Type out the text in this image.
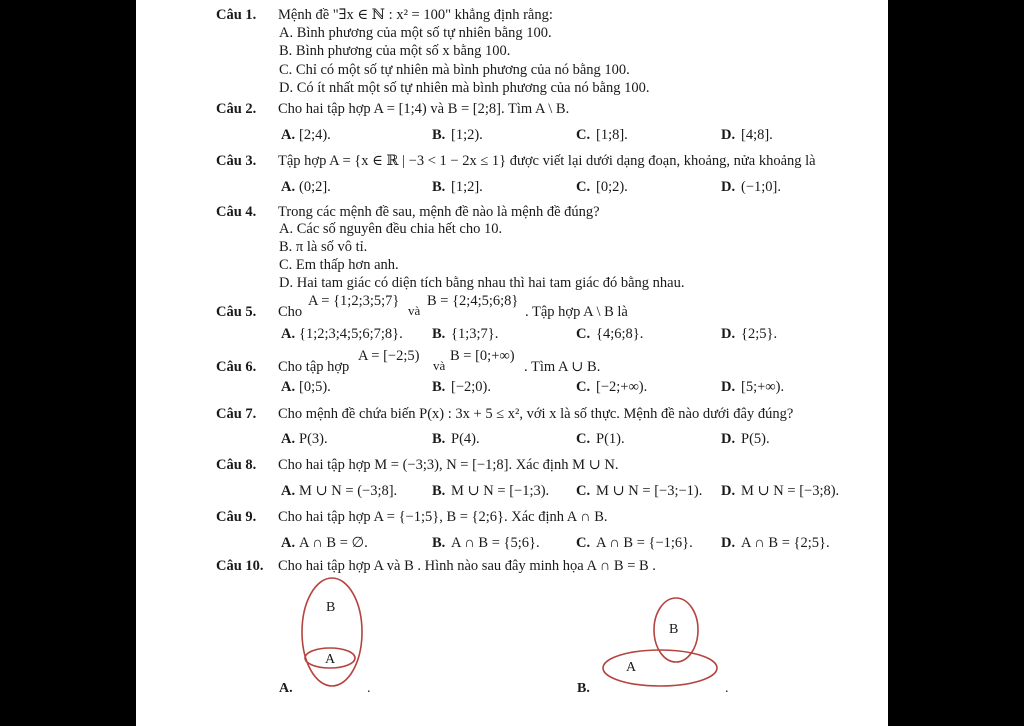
Câu 1. Mệnh đề "∃x ∈ ℕ : x² = 100" khẳng định rằng:
A. Bình phương của một số tự nhiên bằng 100.
B. Bình phương của một số x bằng 100.
C. Chỉ có một số tự nhiên mà bình phương của nó bằng 100.
D. Có ít nhất một số tự nhiên mà bình phương của nó bằng 100.
Câu 2. Cho hai tập hợp A = [1;4) và B = [2;8]. Tìm A \ B.
A. [2;4).	B. [1;2).	C. [1;8].	D. [4;8].
Câu 3. Tập hợp A = {x ∈ ℝ | −3 < 1 − 2x ≤ 1} được viết lại dưới dạng đoạn, khoảng, nửa khoảng là
A. (0;2].	B. [1;2].	C. [0;2).	D. (−1;0].
Câu 4. Trong các mệnh đề sau, mệnh đề nào là mệnh đề đúng?
A. Các số nguyên đều chia hết cho 10.
B. π là số vô tỉ.
C. Em thấp hơn anh.
D. Hai tam giác có diện tích bằng nhau thì hai tam giác đó bằng nhau.
Câu 5. Cho
A = {1;2;3;5;7}
và
B = {2;4;5;6;8}
. Tập hợp A \ B là
A. {1;2;3;4;5;6;7;8}. B. {1;3;7}.	C. {4;6;8}.	D. {2;5}.
Câu 6. Cho tập hợp
A = [−2;5)
và
B = [0;+∞)
. Tìm A ∪ B.
A. [0;5).	B. [−2;0).	C. [−2;+∞).	D. [5;+∞).
Câu 7. Cho mệnh đề chứa biến P(x) : 3x + 5 ≤ x², với x là số thực. Mệnh đề nào dưới đây đúng?
A. P(3).	B. P(4).	C. P(1).	D. P(5).
Câu 8. Cho hai tập hợp M = (−3;3), N = [−1;8]. Xác định M ∪ N.
A. M ∪ N = (−3;8]. B. M ∪ N = [−1;3). C. M ∪ N = [−3;−1). D. M ∪ N = [−3;8).
Câu 9. Cho hai tập hợp A = {−1;5}, B = {2;6}. Xác định A ∩ B.
A. A ∩ B = ∅.	B. A ∩ B = {5;6}.	C. A ∩ B = {−1;6}. D. A ∩ B = {2;5}.
Câu 10. Cho hai tập hợp A và B . Hình nào sau đây minh họa A ∩ B = B .
B
A
A.	.
B
A
B.	.
